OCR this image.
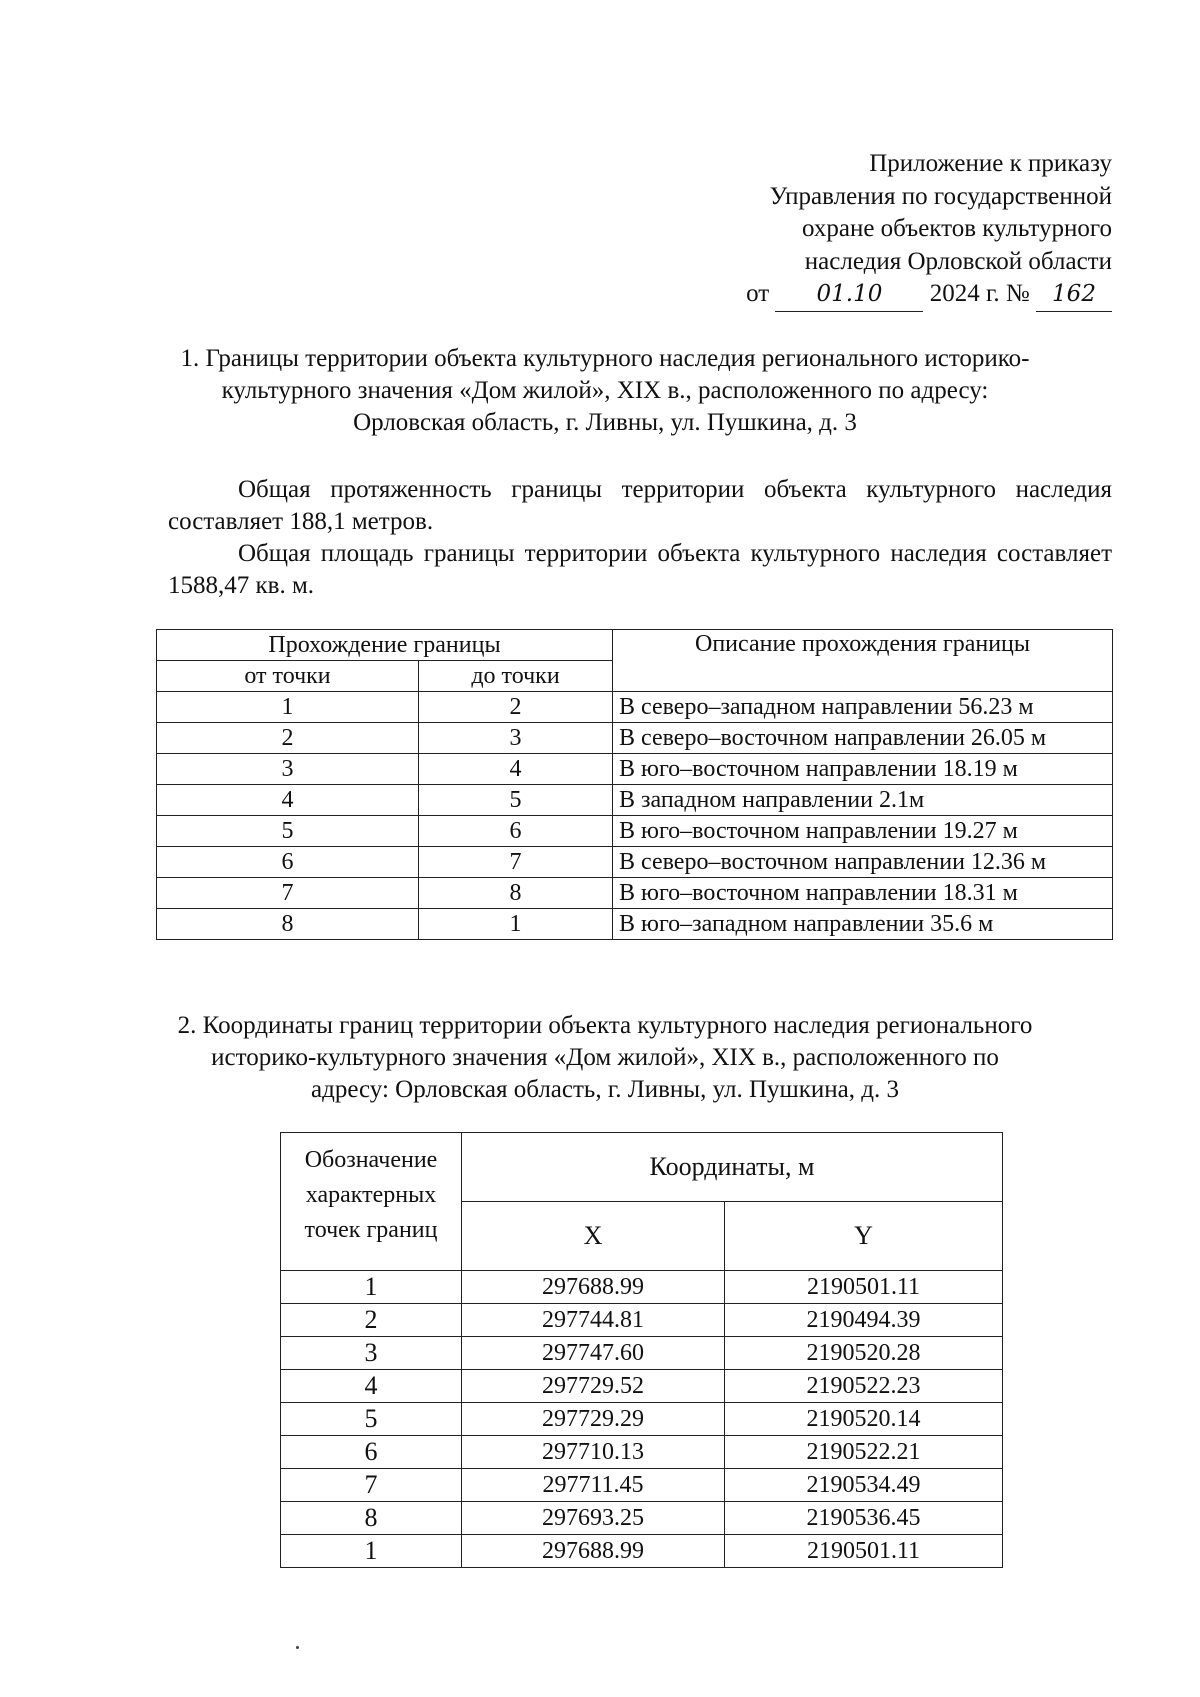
Приложение к приказу
Управления по государственной
охране объектов культурного
наследия Орловской области
от 01.10 2024 г. № 162
1. Границы территории объекта культурного наследия регионального историко-культурного значения «Дом жилой», XIX в., расположенного по адресу: Орловская область, г. Ливны, ул. Пушкина, д. 3
Общая протяженность границы территории объекта культурного наследия составляет 188,1 метров.
Общая площадь границы территории объекта культурного наследия составляет 1588,47 кв. м.
Прохождение границы		Описание прохождения границы
от точки	до точки	
1	2	В северо–западном направлении 56.23 м
2	3	В северо–восточном направлении 26.05 м
3	4	В юго–восточном направлении 18.19 м
4	5	В западном направлении 2.1м
5	6	В юго–восточном направлении 19.27 м
6	7	В северо–восточном направлении 12.36 м
7	8	В юго–восточном направлении 18.31 м
8	1	В юго–западном направлении 35.6 м
2. Координаты границ территории объекта культурного наследия регионального историко-культурного значения «Дом жилой», XIX в., расположенного по адресу: Орловская область, г. Ливны, ул. Пушкина, д. 3
Обозначение характерных точек границ	Координаты, м	
	X	Y
1	297688.99	2190501.11
2	297744.81	2190494.39
3	297747.60	2190520.28
4	297729.52	2190522.23
5	297729.29	2190520.14
6	297710.13	2190522.21
7	297711.45	2190534.49
8	297693.25	2190536.45
1	297688.99	2190501.11
